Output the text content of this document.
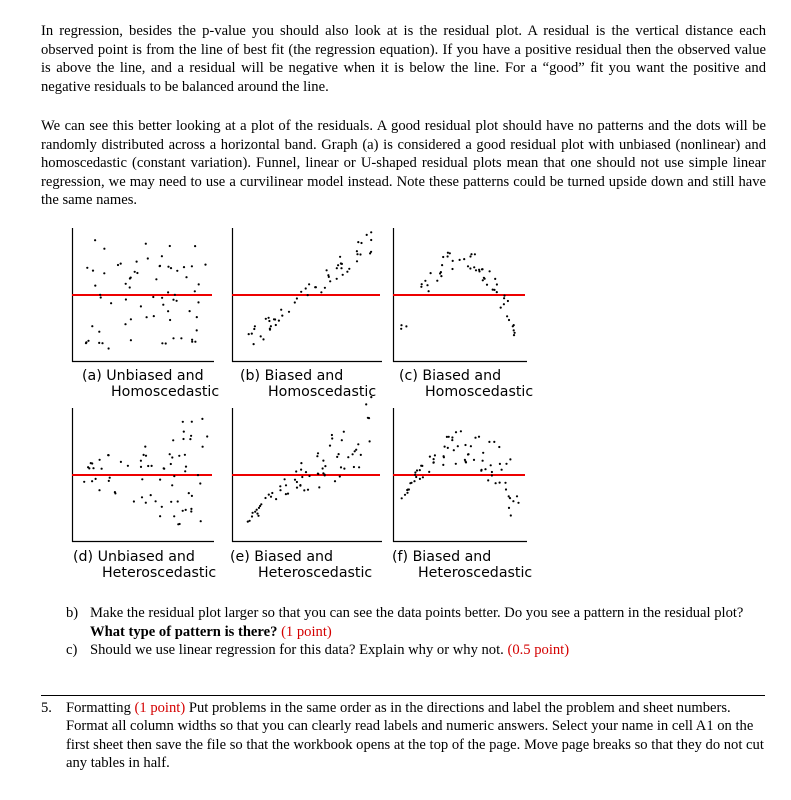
In regression, besides the p-value you should also look at is the residual plot. A residual is the vertical distance each observed point is from the line of best fit (the regression equation). If you have a positive residual then the observed value is above the line, and a residual will be negative when it is below the line. For a “good” fit you want the positive and negative residuals to be balanced around the line.
We can see this better looking at a plot of the residuals. A good residual plot should have no patterns and the dots will be randomly distributed across a horizontal band. Graph (a) is considered a good residual plot with unbiased (nonlinear) and homoscedastic (constant variation). Funnel, linear or U-shaped residual plots mean that one should not use simple linear regression, we may need to use a curvilinear model instead. Note these patterns could be turned upside down and still have the same names.
(a) Unbiased and
Homoscedastic
(b) Biased and
Homoscedastic
(c) Biased and
Homoscedastic
(d) Unbiased and
Heteroscedastic
(e) Biased and
Heteroscedastic
(f) Biased and
Heteroscedastic
b) Make the residual plot larger so that you can see the data points better. Do you see a pattern in the residual plot? What type of pattern is there? (1 point)
c) Should we use linear regression for this data? Explain why or why not. (0.5 point)
5. Formatting (1 point) Put problems in the same order as in the directions and label the problem and sheet numbers. Format all column widths so that you can clearly read labels and numeric answers. Select your name in cell A1 on the first sheet then save the file so that the workbook opens at the top of the page. Move page breaks so that they do not cut any tables in half.
